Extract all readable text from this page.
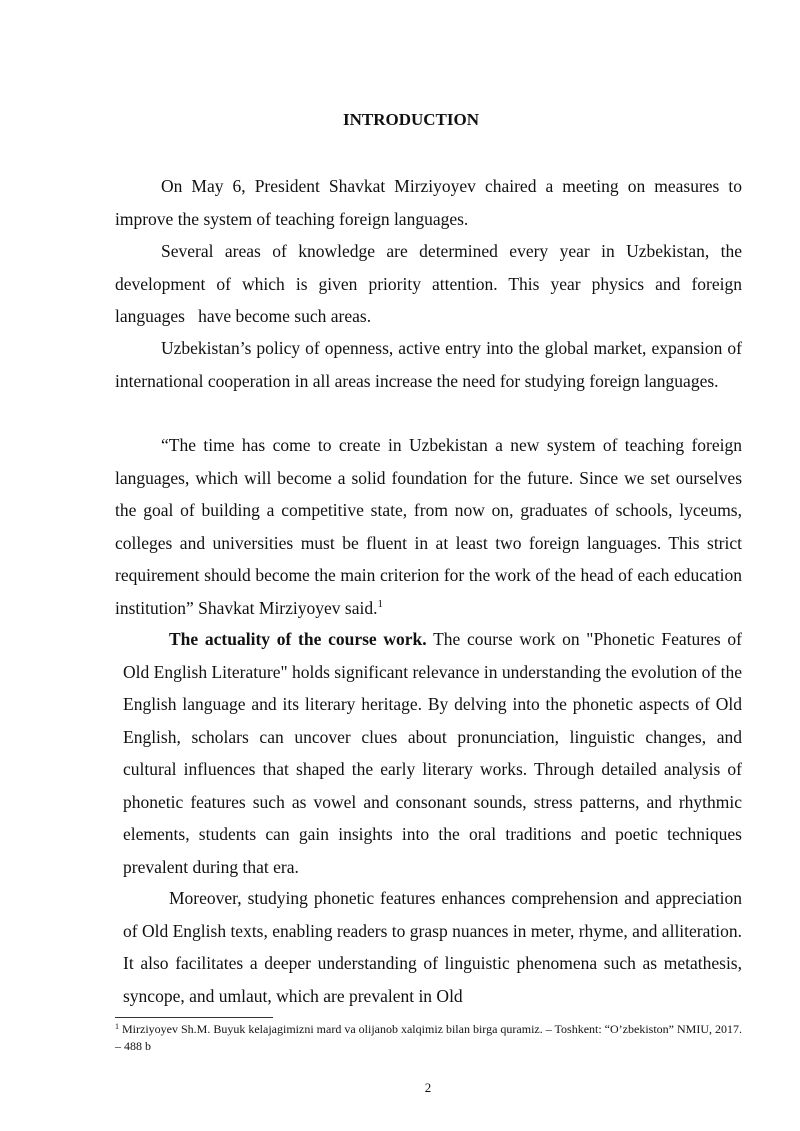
INTRODUCTION

On May 6, President Shavkat Mirziyoyev chaired a meeting on measures to improve the system of teaching foreign languages.

Several areas of knowledge are determined every year in Uzbekistan, the development of which is given priority attention. This year physics and foreign languages   have become such areas.

Uzbekistan’s policy of openness, active entry into the global market, expansion of international cooperation in all areas increase the need for studying foreign languages.

“The time has come to create in Uzbekistan a new system of teaching foreign languages, which will become a solid foundation for the future. Since we set ourselves the goal of building a competitive state, from now on, graduates of schools, lyceums, colleges and universities must be fluent in at least two foreign languages. This strict requirement should become the main criterion for the work of the head of each education institution” Shavkat Mirziyoyev said.$^1$

The actuality of the course work. The course work on "Phonetic Features of Old English Literature" holds significant relevance in understanding the evolution of the English language and its literary heritage. By delving into the phonetic aspects of Old English, scholars can uncover clues about pronunciation, linguistic changes, and cultural influences that shaped the early literary works. Through detailed analysis of phonetic features such as vowel and consonant sounds, stress patterns, and rhythmic elements, students can gain insights into the oral traditions and poetic techniques prevalent during that era.

Moreover, studying phonetic features enhances comprehension and appreciation of Old English texts, enabling readers to grasp nuances in meter, rhyme, and alliteration. It also facilitates a deeper understanding of linguistic phenomena such as metathesis, syncope, and umlaut, which are prevalent in Old

$^1$ Mirziyoyev Sh.M. Buyuk kelajagimizni mard va olijanob xalqimiz bilan birga quramiz. – Toshkent: “O’zbekiston” NMIU, 2017. – 488 b

2
